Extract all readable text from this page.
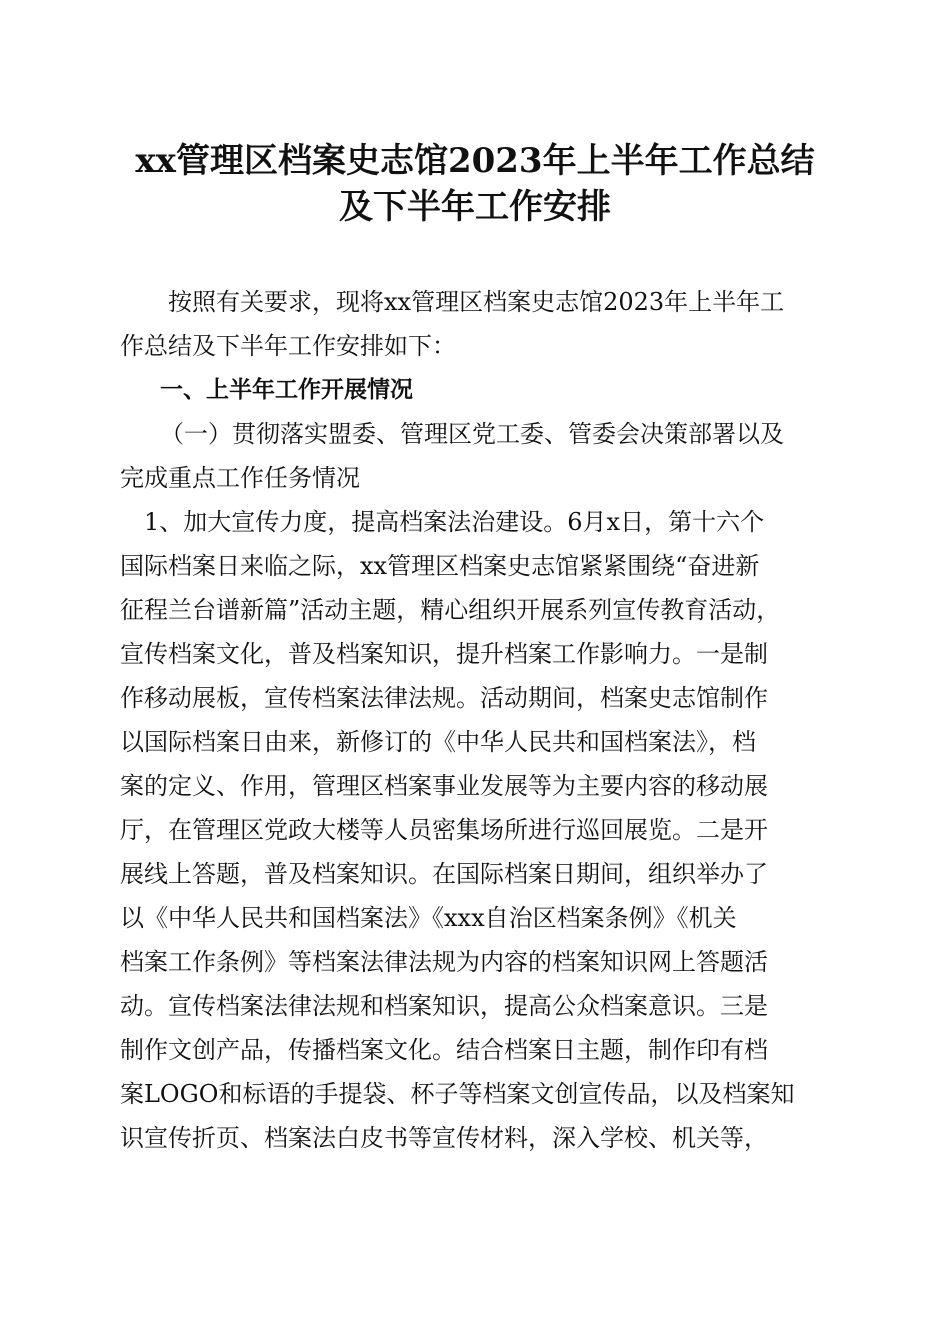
xx管理区档案史志馆2023年上半年工作总结
及下半年工作安排
按照有关要求，现将xx管理区档案史志馆2023年上半年工
作总结及下半年工作安排如下：
一、上半年工作开展情况
（一）贯彻落实盟委、管理区党工委、管委会决策部署以及
完成重点工作任务情况
1、加大宣传力度，提高档案法治建设。6月x日，第十六个
国际档案日来临之际，xx管理区档案史志馆紧紧围绕“奋进新
征程兰台谱新篇”活动主题，精心组织开展系列宣传教育活动，
宣传档案文化，普及档案知识，提升档案工作影响力。一是制
作移动展板，宣传档案法律法规。活动期间，档案史志馆制作
以国际档案日由来，新修订的《中华人民共和国档案法》，档
案的定义、作用，管理区档案事业发展等为主要内容的移动展
厅，在管理区党政大楼等人员密集场所进行巡回展览。二是开
展线上答题，普及档案知识。在国际档案日期间，组织举办了
以《中华人民共和国档案法》《xxx自治区档案条例》《机关
档案工作条例》等档案法律法规为内容的档案知识网上答题活
动。宣传档案法律法规和档案知识，提高公众档案意识。三是
制作文创产品，传播档案文化。结合档案日主题，制作印有档
案LOGO和标语的手提袋、杯子等档案文创宣传品，以及档案知
识宣传折页、档案法白皮书等宣传材料，深入学校、机关等，
